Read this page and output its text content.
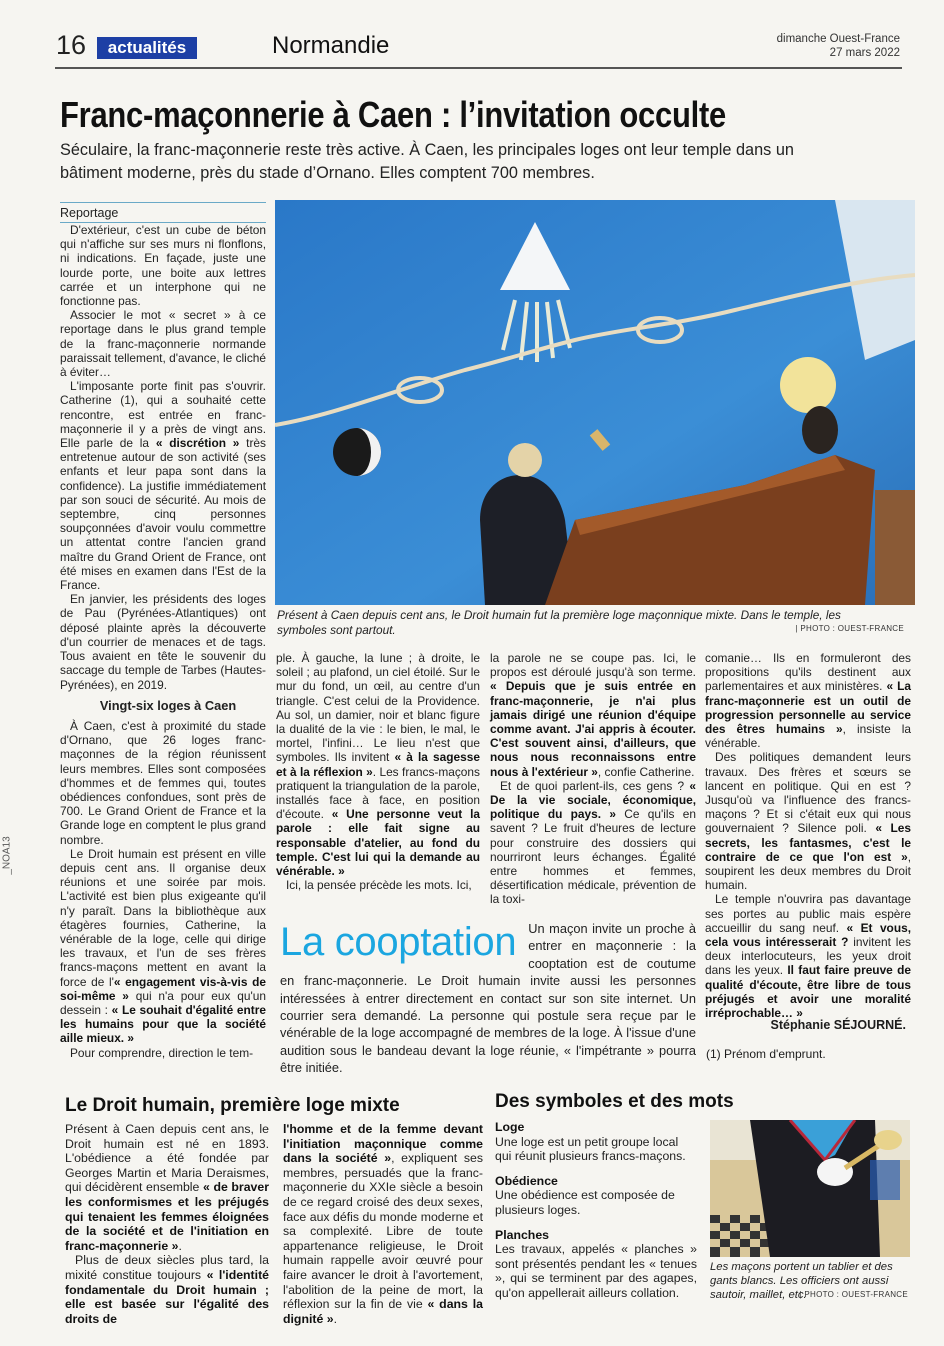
16	actualités	Normandie	dimanche Ouest-France
27 mars 2022
Franc-maçonnerie à Caen : l’invitation occulte

Séculaire, la franc-maçonnerie reste très active. À Caen, les principales loges ont leur temple dans un bâtiment moderne, près du stade d’Ornano. Elles comptent 700 membres.

Reportage

D'extérieur, c'est un cube de béton qui n'affiche sur ses murs ni flonflons, ni indications. En façade, juste une lourde porte, une boite aux lettres carrée et un interphone qui ne fonctionne pas.

Associer le mot « secret » à ce reportage dans le plus grand temple de la franc-maçonnerie normande paraissait tellement, d'avance, le cliché à éviter…

L'imposante porte finit pas s'ouvrir. Catherine (1), qui a souhaité cette rencontre, est entrée en franc-maçonnerie il y a près de vingt ans. Elle parle de la « discrétion » très entretenue autour de son activité (ses enfants et leur papa sont dans la confidence). La justifie immédiatement par son souci de sécurité. Au mois de septembre, cinq personnes soupçonnées d'avoir voulu commettre un attentat contre l'ancien grand maître du Grand Orient de France, ont été mises en examen dans l'Est de la France.

En janvier, les présidents des loges de Pau (Pyrénées-Atlantiques) ont déposé plainte après la découverte d'un courrier de menaces et de tags. Tous avaient en tête le souvenir du saccage du temple de Tarbes (Hautes-Pyrénées), en 2019.

Vingt-six loges à Caen

À Caen, c'est à proximité du stade d'Ornano, que 26 loges franc-maçonnes de la région réunissent leurs membres. Elles sont composées d'hommes et de femmes qui, toutes obédiences confondues, sont près de 700. Le Grand Orient de France et la Grande loge en comptent le plus grand nombre.

Le Droit humain est présent en ville depuis cent ans. Il organise deux réunions et une soirée par mois. L'activité est bien plus exigeante qu'il n'y paraît. Dans la bibliothèque aux étagères fournies, Catherine, la vénérable de la loge, celle qui dirige les travaux, et l'un de ses frères francs-maçons mettent en avant la force de l'« engagement vis-à-vis de soi-même » qui n'a pour eux qu'un dessein : « Le souhait d'égalité entre les humains pour que la société aille mieux. »

Pour comprendre, direction le tem-

Présent à Caen depuis cent ans, le Droit humain fut la première loge maçonnique mixte. Dans le temple, les symboles sont partout.	| PHOTO : OUEST-FRANCE

ple. À gauche, la lune ; à droite, le soleil ; au plafond, un ciel étoilé. Sur le mur du fond, un œil, au centre d'un triangle. C'est celui de la Providence. Au sol, un damier, noir et blanc figure la dualité de la vie : le bien, le mal, le mortel, l'infini… Le lieu n'est que symboles. Ils invitent « à la sagesse et à la réflexion ». Les francs-maçons pratiquent la triangulation de la parole, installés face à face, en position d'écoute. « Une personne veut la parole : elle fait signe au responsable d'atelier, au fond du temple. C'est lui qui la demande au vénérable. »

Ici, la pensée précède les mots. Ici,

la parole ne se coupe pas. Ici, le propos est déroulé jusqu'à son terme. « Depuis que je suis entrée en franc-maçonnerie, je n'ai plus jamais dirigé une réunion d'équipe comme avant. J'ai appris à écouter. C'est souvent ainsi, d'ailleurs, que nous nous reconnaissons entre nous à l'extérieur », confie Catherine.

Et de quoi parlent-ils, ces gens ? « De la vie sociale, économique, politique du pays. » Ce qu'ils en savent ? Le fruit d'heures de lecture pour construire des dossiers qui nourriront leurs échanges. Égalité entre hommes et femmes, désertification médicale, prévention de la toxi-

comanie… Ils en formuleront des propositions qu'ils destinent aux parlementaires et aux ministères. « La franc-maçonnerie est un outil de progression personnelle au service des êtres humains », insiste la vénérable.

Des politiques demandent leurs travaux. Des frères et sœurs se lancent en politique. Qui en est ? Jusqu'où va l'influence des francs-maçons ? Et si c'était eux qui nous gouvernaient ? Silence poli. « Les secrets, les fantasmes, c'est le contraire de ce que l'on est », soupirent les deux membres du Droit humain.

Le temple n'ouvrira pas davantage ses portes au public mais espère accueillir du sang neuf. « Et vous, cela vous intéresserait ? invitent les deux interlocuteurs, les yeux droit dans les yeux. Il faut faire preuve de qualité d'écoute, être libre de tous préjugés et avoir une moralité irréprochable… »

Stéphanie SÉJOURNÉ.
(1) Prénom d'emprunt.
La cooptation Un maçon invite un proche à entrer en maçonnerie : la cooptation est de coutume en franc-maçonnerie. Le Droit humain invite aussi les personnes intéressées à entrer directement en contact sur son site internet. Un courrier sera demandé. La personne qui postule sera reçue par le vénérable de la loge accompagné de membres de la loge. À l'issue d'une audition sous le bandeau devant la loge réunie, « l'impétrante » pourra être initiée.
Le Droit humain, première loge mixte

Présent à Caen depuis cent ans, le Droit humain est né en 1893. L'obédience a été fondée par Georges Martin et Maria Deraismes, qui décidèrent ensemble « de braver les conformismes et les préjugés qui tenaient les femmes éloignées de la société et de l'initiation en franc-maçonnerie ».

Plus de deux siècles plus tard, la mixité constitue toujours « l'identité fondamentale du Droit humain ; elle est basée sur l'égalité des droits de

l'homme et de la femme devant l'initiation maçonnique comme dans la société », expliquent ses membres, persuadés que la franc-maçonnerie du XXIe siècle a besoin de ce regard croisé des deux sexes, face aux défis du monde moderne et sa complexité. Libre de toute appartenance religieuse, le Droit humain rappelle avoir œuvré pour faire avancer le droit à l'avortement, l'abolition de la peine de mort, la réflexion sur la fin de vie « dans la dignité ».

Des symboles et des mots
Loge
Une loge est un petit groupe local qui réunit plusieurs francs-maçons.
Obédience
Une obédience est composée de plusieurs loges.
Planches
Les travaux, appelés « planches » sont présentés pendant les « tenues », qui se terminent par des agapes, qu'on appellerait ailleurs collation.
Les maçons portent un tablier et des gants blancs. Les officiers ont aussi sautoir, maillet, etc.
| PHOTO : OUEST-FRANCE
_NOA13
